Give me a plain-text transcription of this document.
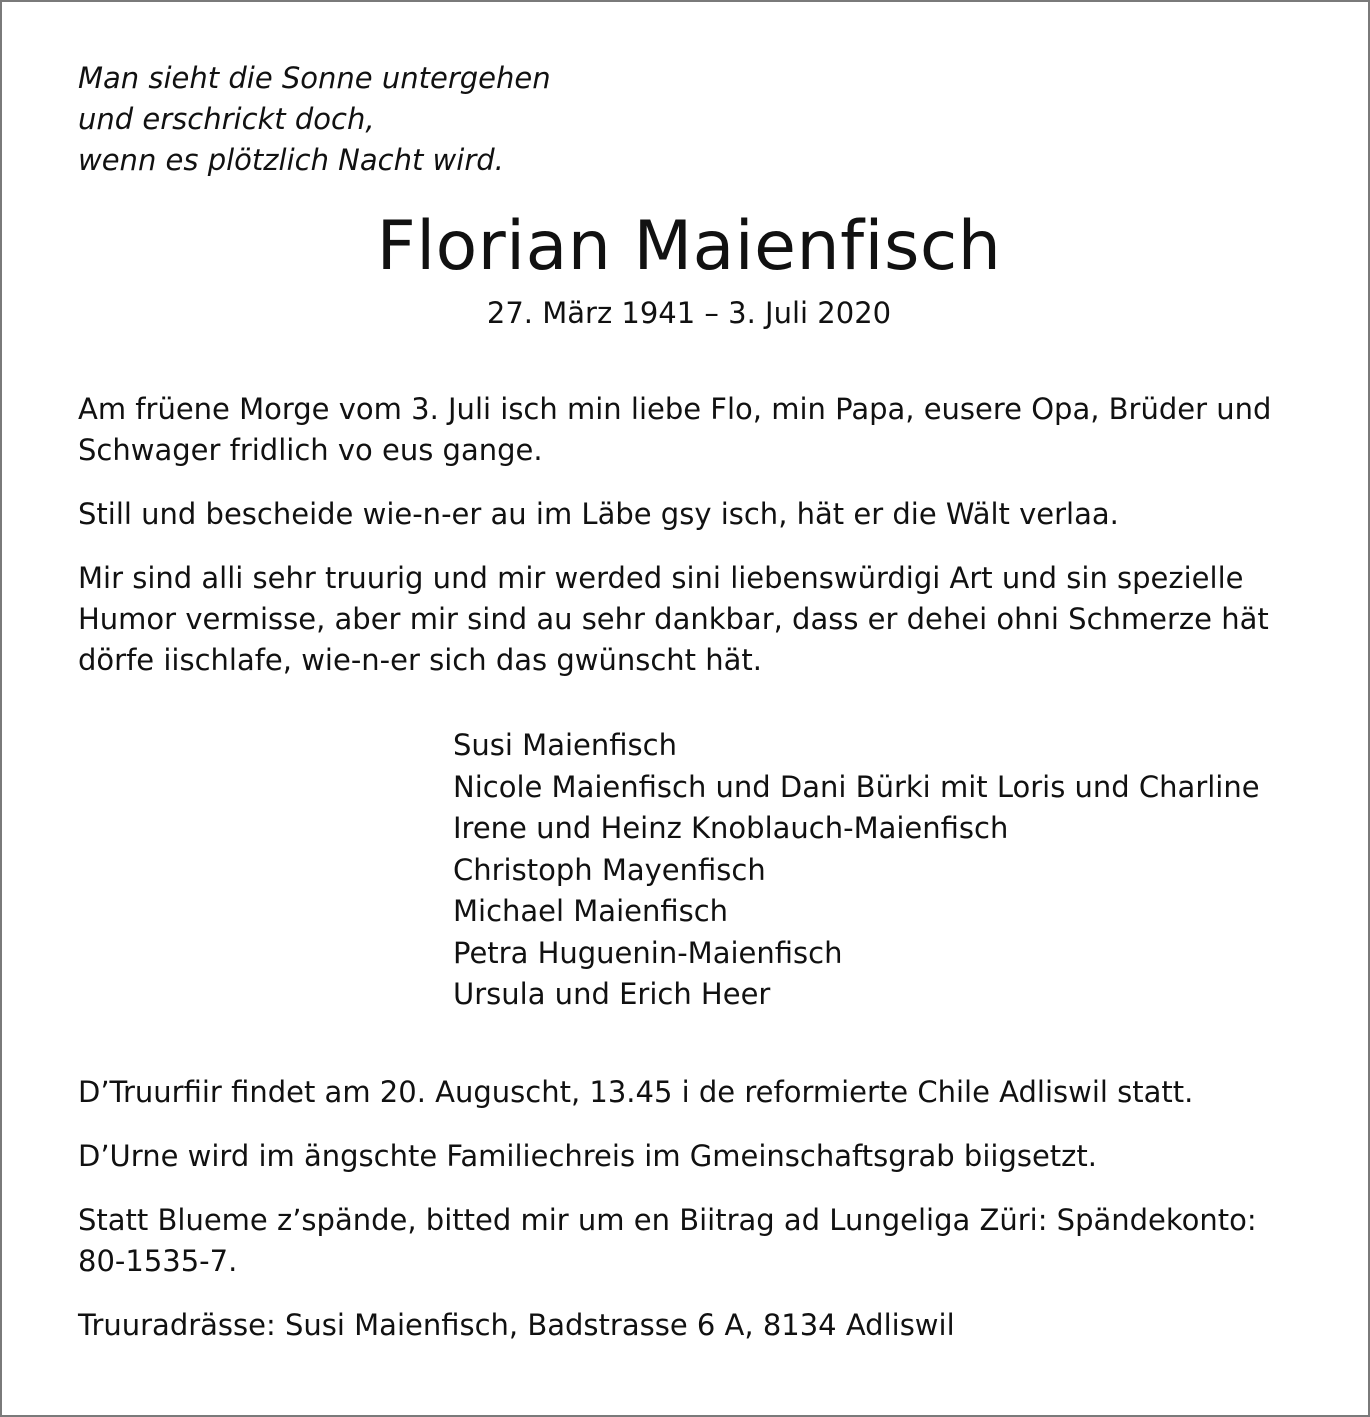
Man sieht die Sonne untergehen
und erschrickt doch,
wenn es plötzlich Nacht wird.
Florian Maienfisch
27. März 1941 – 3. Juli 2020

Am früene Morge vom 3. Juli isch min liebe Flo, min Papa, eusere Opa, Brüder und Schwager fridlich vo eus gange.

Still und bescheide wie-n-er au im Läbe gsy isch, hät er die Wält verlaa.

Mir sind alli sehr truurig und mir werded sini liebenswürdigi Art und sin spezielle Humor vermisse, aber mir sind au sehr dankbar, dass er dehei ohni Schmerze hät dörfe iischlafe, wie-n-er sich das gwünscht hät.

Susi Maienfisch
Nicole Maienfisch und Dani Bürki mit Loris und Charline
Irene und Heinz Knoblauch-Maienfisch
Christoph Mayenfisch
Michael Maienfisch
Petra Huguenin-Maienfisch
Ursula und Erich Heer

D’Truurfiir findet am 20. Auguscht, 13.45 i de reformierte Chile Adliswil statt.

D’Urne wird im ängschte Familiechreis im Gmeinschaftsgrab biigsetzt.

Statt Blueme z’spände, bitted mir um en Biitrag ad Lungeliga Züri: Spändekonto: 80-1535-7.

Truuradrässe: Susi Maienfisch, Badstrasse 6 A, 8134 Adliswil
